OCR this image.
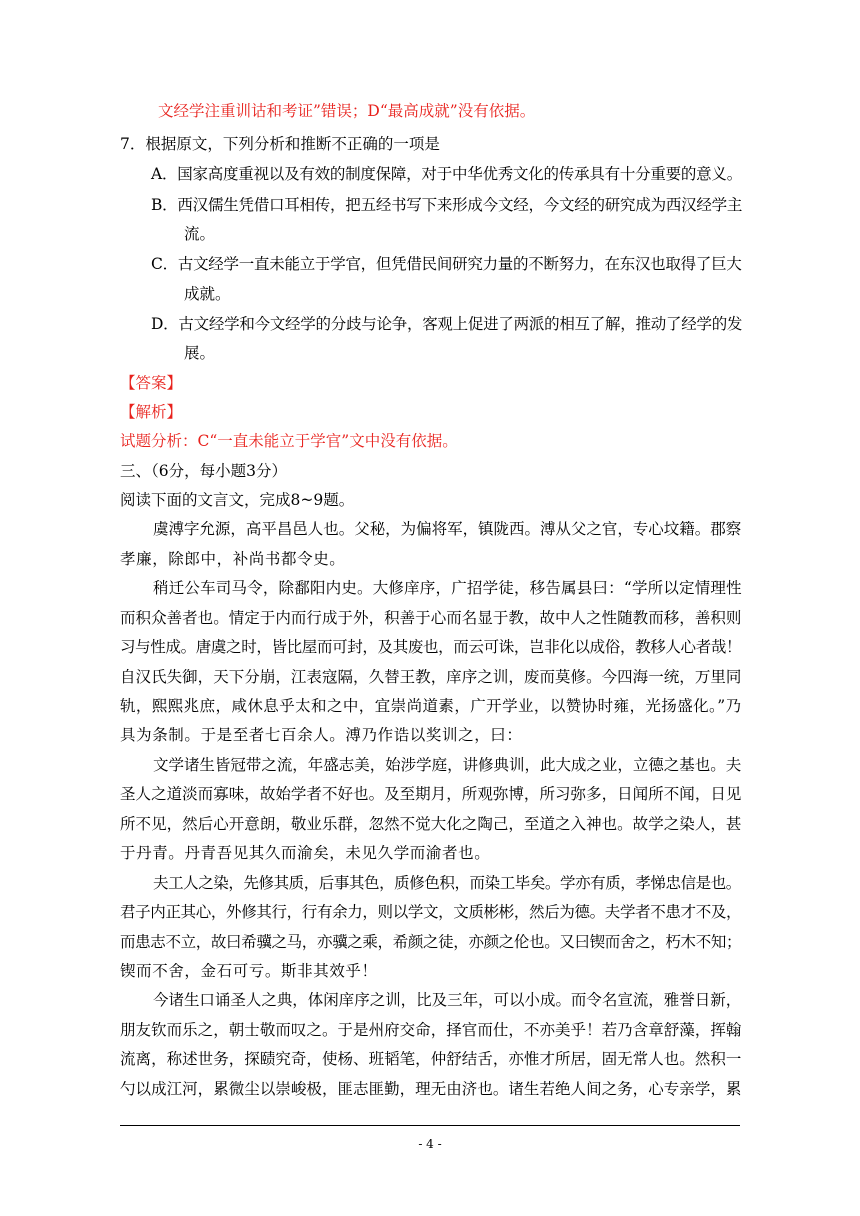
文经学注重训诂和考证”错误；D“最高成就”没有依据。
7．根据原文，下列分析和推断不正确的一项是
A．国家高度重视以及有效的制度保障，对于中华优秀文化的传承具有十分重要的意义。
B．西汉儒生凭借口耳相传，把五经书写下来形成今文经，今文经的研究成为西汉经学主
流。
C．古文经学一直未能立于学官，但凭借民间研究力量的不断努力，在东汉也取得了巨大
成就。
D．古文经学和今文经学的分歧与论争，客观上促进了两派的相互了解，推动了经学的发
展。
【答案】
【解析】
试题分析：C“一直未能立于学官”文中没有依据。
三、（6分，每小题3分）
阅读下面的文言文，完成8~9题。
虞溥字允源，高平昌邑人也。父秘，为偏将军，镇陇西。溥从父之官，专心坟籍。郡察
孝廉，除郎中，补尚书都令史。
稍迁公车司马令，除鄱阳内史。大修庠序，广招学徒，移告属县曰：“学所以定情理性
而积众善者也。情定于内而行成于外，积善于心而名显于教，故中人之性随教而移，善积则
习与性成。唐虞之时，皆比屋而可封，及其废也，而云可诛，岂非化以成俗，教移人心者哉！
自汉氏失御，天下分崩，江表寇隔，久替王教，庠序之训，废而莫修。今四海一统，万里同
轨，熙熙兆庶，咸休息乎太和之中，宜崇尚道素，广开学业，以赞协时雍，光扬盛化。”乃
具为条制。于是至者七百余人。溥乃作诰以奖训之，曰：
文学诸生皆冠带之流，年盛志美，始涉学庭，讲修典训，此大成之业，立德之基也。夫
圣人之道淡而寡味，故始学者不好也。及至期月，所观弥博，所习弥多，日闻所不闻，日见
所不见，然后心开意朗，敬业乐群，忽然不觉大化之陶己，至道之入神也。故学之染人，甚
于丹青。丹青吾见其久而渝矣，未见久学而渝者也。
夫工人之染，先修其质，后事其色，质修色积，而染工毕矣。学亦有质，孝悌忠信是也。
君子内正其心，外修其行，行有余力，则以学文，文质彬彬，然后为德。夫学者不患才不及，
而患志不立，故曰希骥之马，亦骥之乘，希颜之徒，亦颜之伦也。又曰锲而舍之，朽木不知；
锲而不舍，金石可亏。斯非其效乎！
今诸生口诵圣人之典，体闲庠序之训，比及三年，可以小成。而令名宣流，雅誉日新，
朋友钦而乐之，朝士敬而叹之。于是州府交命，择官而仕，不亦美乎！若乃含章舒藻，挥翰
流离，称述世务，探赜究奇，使杨、班韬笔，仲舒结舌，亦惟才所居，固无常人也。然积一
勺以成江河，累微尘以崇峻极，匪志匪勤，理无由济也。诸生若绝人间之务，心专亲学，累
- 4 -
